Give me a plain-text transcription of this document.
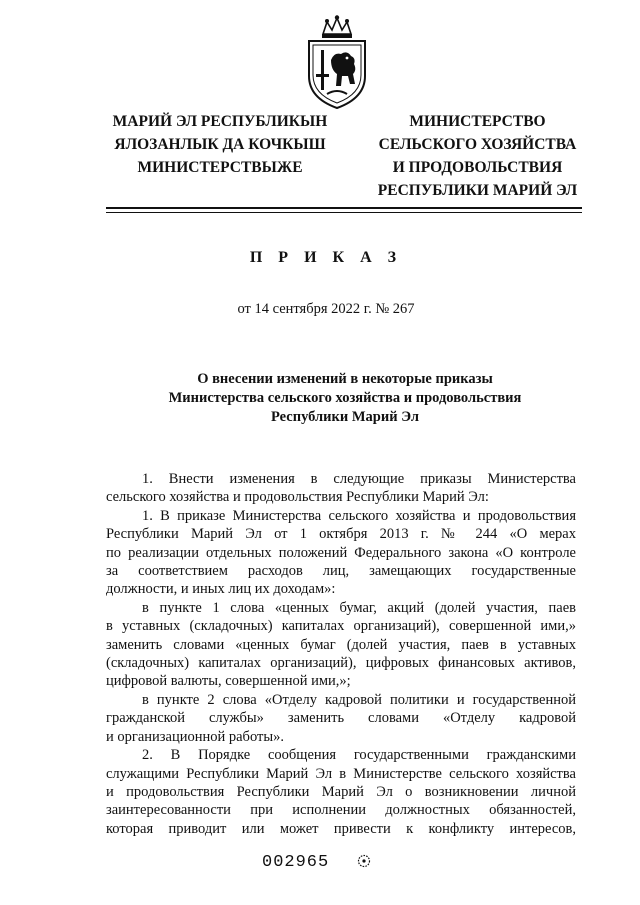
МАРИЙ ЭЛ РЕСПУБЛИКЫН
ЯЛОЗАНЛЫК ДА КОЧКЫШ
МИНИСТЕРСТВЫЖЕ
МИНИСТЕРСТВО
СЕЛЬСКОГО ХОЗЯЙСТВА
И ПРОДОВОЛЬСТВИЯ
РЕСПУБЛИКИ МАРИЙ ЭЛ
П Р И К А З
от 14 сентября 2022 г. № 267
О внесении изменений в некоторые приказы
Министерства сельского хозяйства и продовольствия
Республики Марий Эл

1. Внести изменения в следующие приказы Министерства

сельского хозяйства и продовольствия Республики Марий Эл:

1. В приказе Министерства сельского хозяйства и продовольствия

Республики Марий Эл от 1 октября 2013 г. № 244 «О мерах

по реализации отдельных положений Федерального закона «О контроле

за соответствием расходов лиц, замещающих государственные

должности, и иных лиц их доходам»:

в пункте 1 слова «ценных бумаг, акций (долей участия, паев

в уставных (складочных) капиталах организаций), совершенной ими,»

заменить словами «ценных бумаг (долей участия, паев в уставных

(складочных) капиталах организаций), цифровых финансовых активов,

цифровой валюты, совершенной ими,»;

в пункте 2 слова «Отделу кадровой политики и государственной

гражданской службы» заменить словами «Отделу кадровой

и организационной работы».

2. В Порядке сообщения государственными гражданскими

служащими Республики Марий Эл в Министерстве сельского хозяйства

и продовольствия Республики Марий Эл о возникновении личной

заинтересованности при исполнении должностных обязанностей,

которая приводит или может привести к конфликту интересов,

002965
